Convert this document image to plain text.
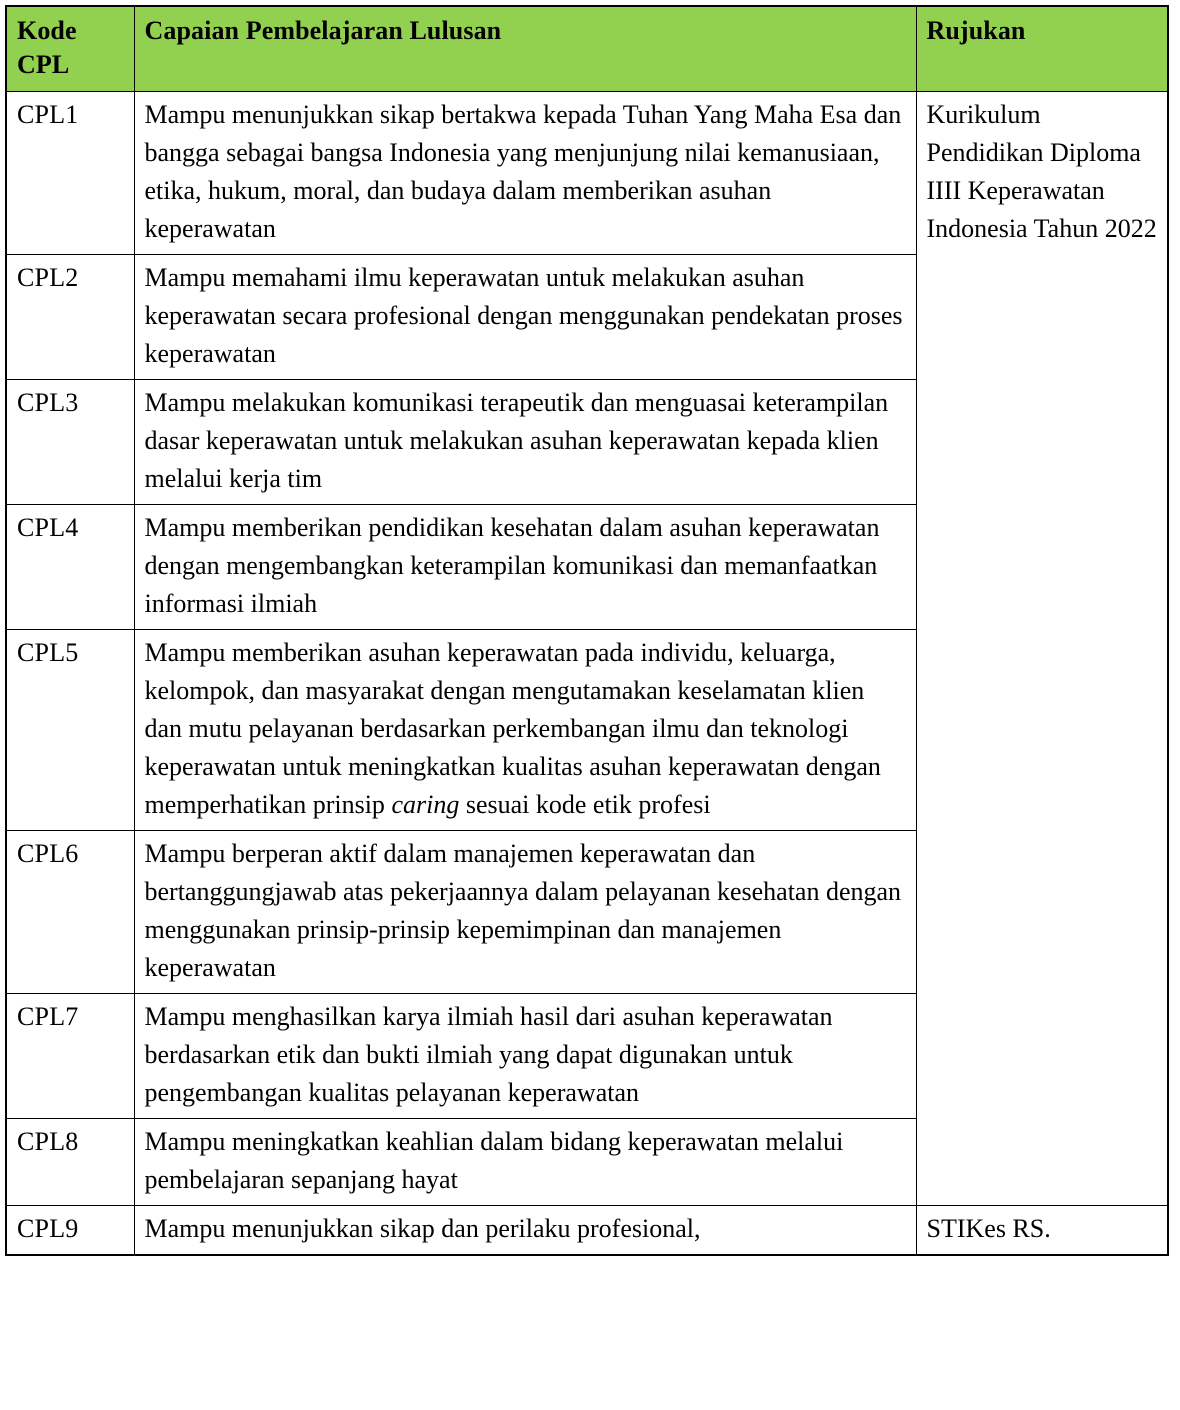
Kode CPL	Capaian Pembelajaran Lulusan	Rujukan
CPL1	Mampu menunjukkan sikap bertakwa kepada Tuhan Yang Maha Esa dan bangga sebagai bangsa Indonesia yang menjunjung nilai kemanusiaan, etika, hukum, moral, dan budaya dalam memberikan asuhan keperawatan	Kurikulum Pendidikan Diploma IIII Keperawatan Indonesia Tahun 2022
CPL2	Mampu memahami ilmu keperawatan untuk melakukan asuhan keperawatan secara profesional dengan menggunakan pendekatan proses keperawatan	
CPL3	Mampu melakukan komunikasi terapeutik dan menguasai keterampilan dasar keperawatan untuk melakukan asuhan keperawatan kepada klien melalui kerja tim	
CPL4	Mampu memberikan pendidikan kesehatan dalam asuhan keperawatan dengan mengembangkan keterampilan komunikasi dan memanfaatkan informasi ilmiah	
CPL5	Mampu memberikan asuhan keperawatan pada individu, keluarga, kelompok, dan masyarakat dengan mengutamakan keselamatan klien dan mutu pelayanan berdasarkan perkembangan ilmu dan teknologi keperawatan untuk meningkatkan kualitas asuhan keperawatan dengan memperhatikan prinsip caring sesuai kode etik profesi	
CPL6	Mampu berperan aktif dalam manajemen keperawatan dan bertanggungjawab atas pekerjaannya dalam pelayanan kesehatan dengan menggunakan prinsip-prinsip kepemimpinan dan manajemen keperawatan	
CPL7	Mampu menghasilkan karya ilmiah hasil dari asuhan keperawatan berdasarkan etik dan bukti ilmiah yang dapat digunakan untuk pengembangan kualitas pelayanan keperawatan	
CPL8	Mampu meningkatkan keahlian dalam bidang keperawatan melalui pembelajaran sepanjang hayat	
CPL9	Mampu menunjukkan sikap dan perilaku profesional,	STIKes RS.
